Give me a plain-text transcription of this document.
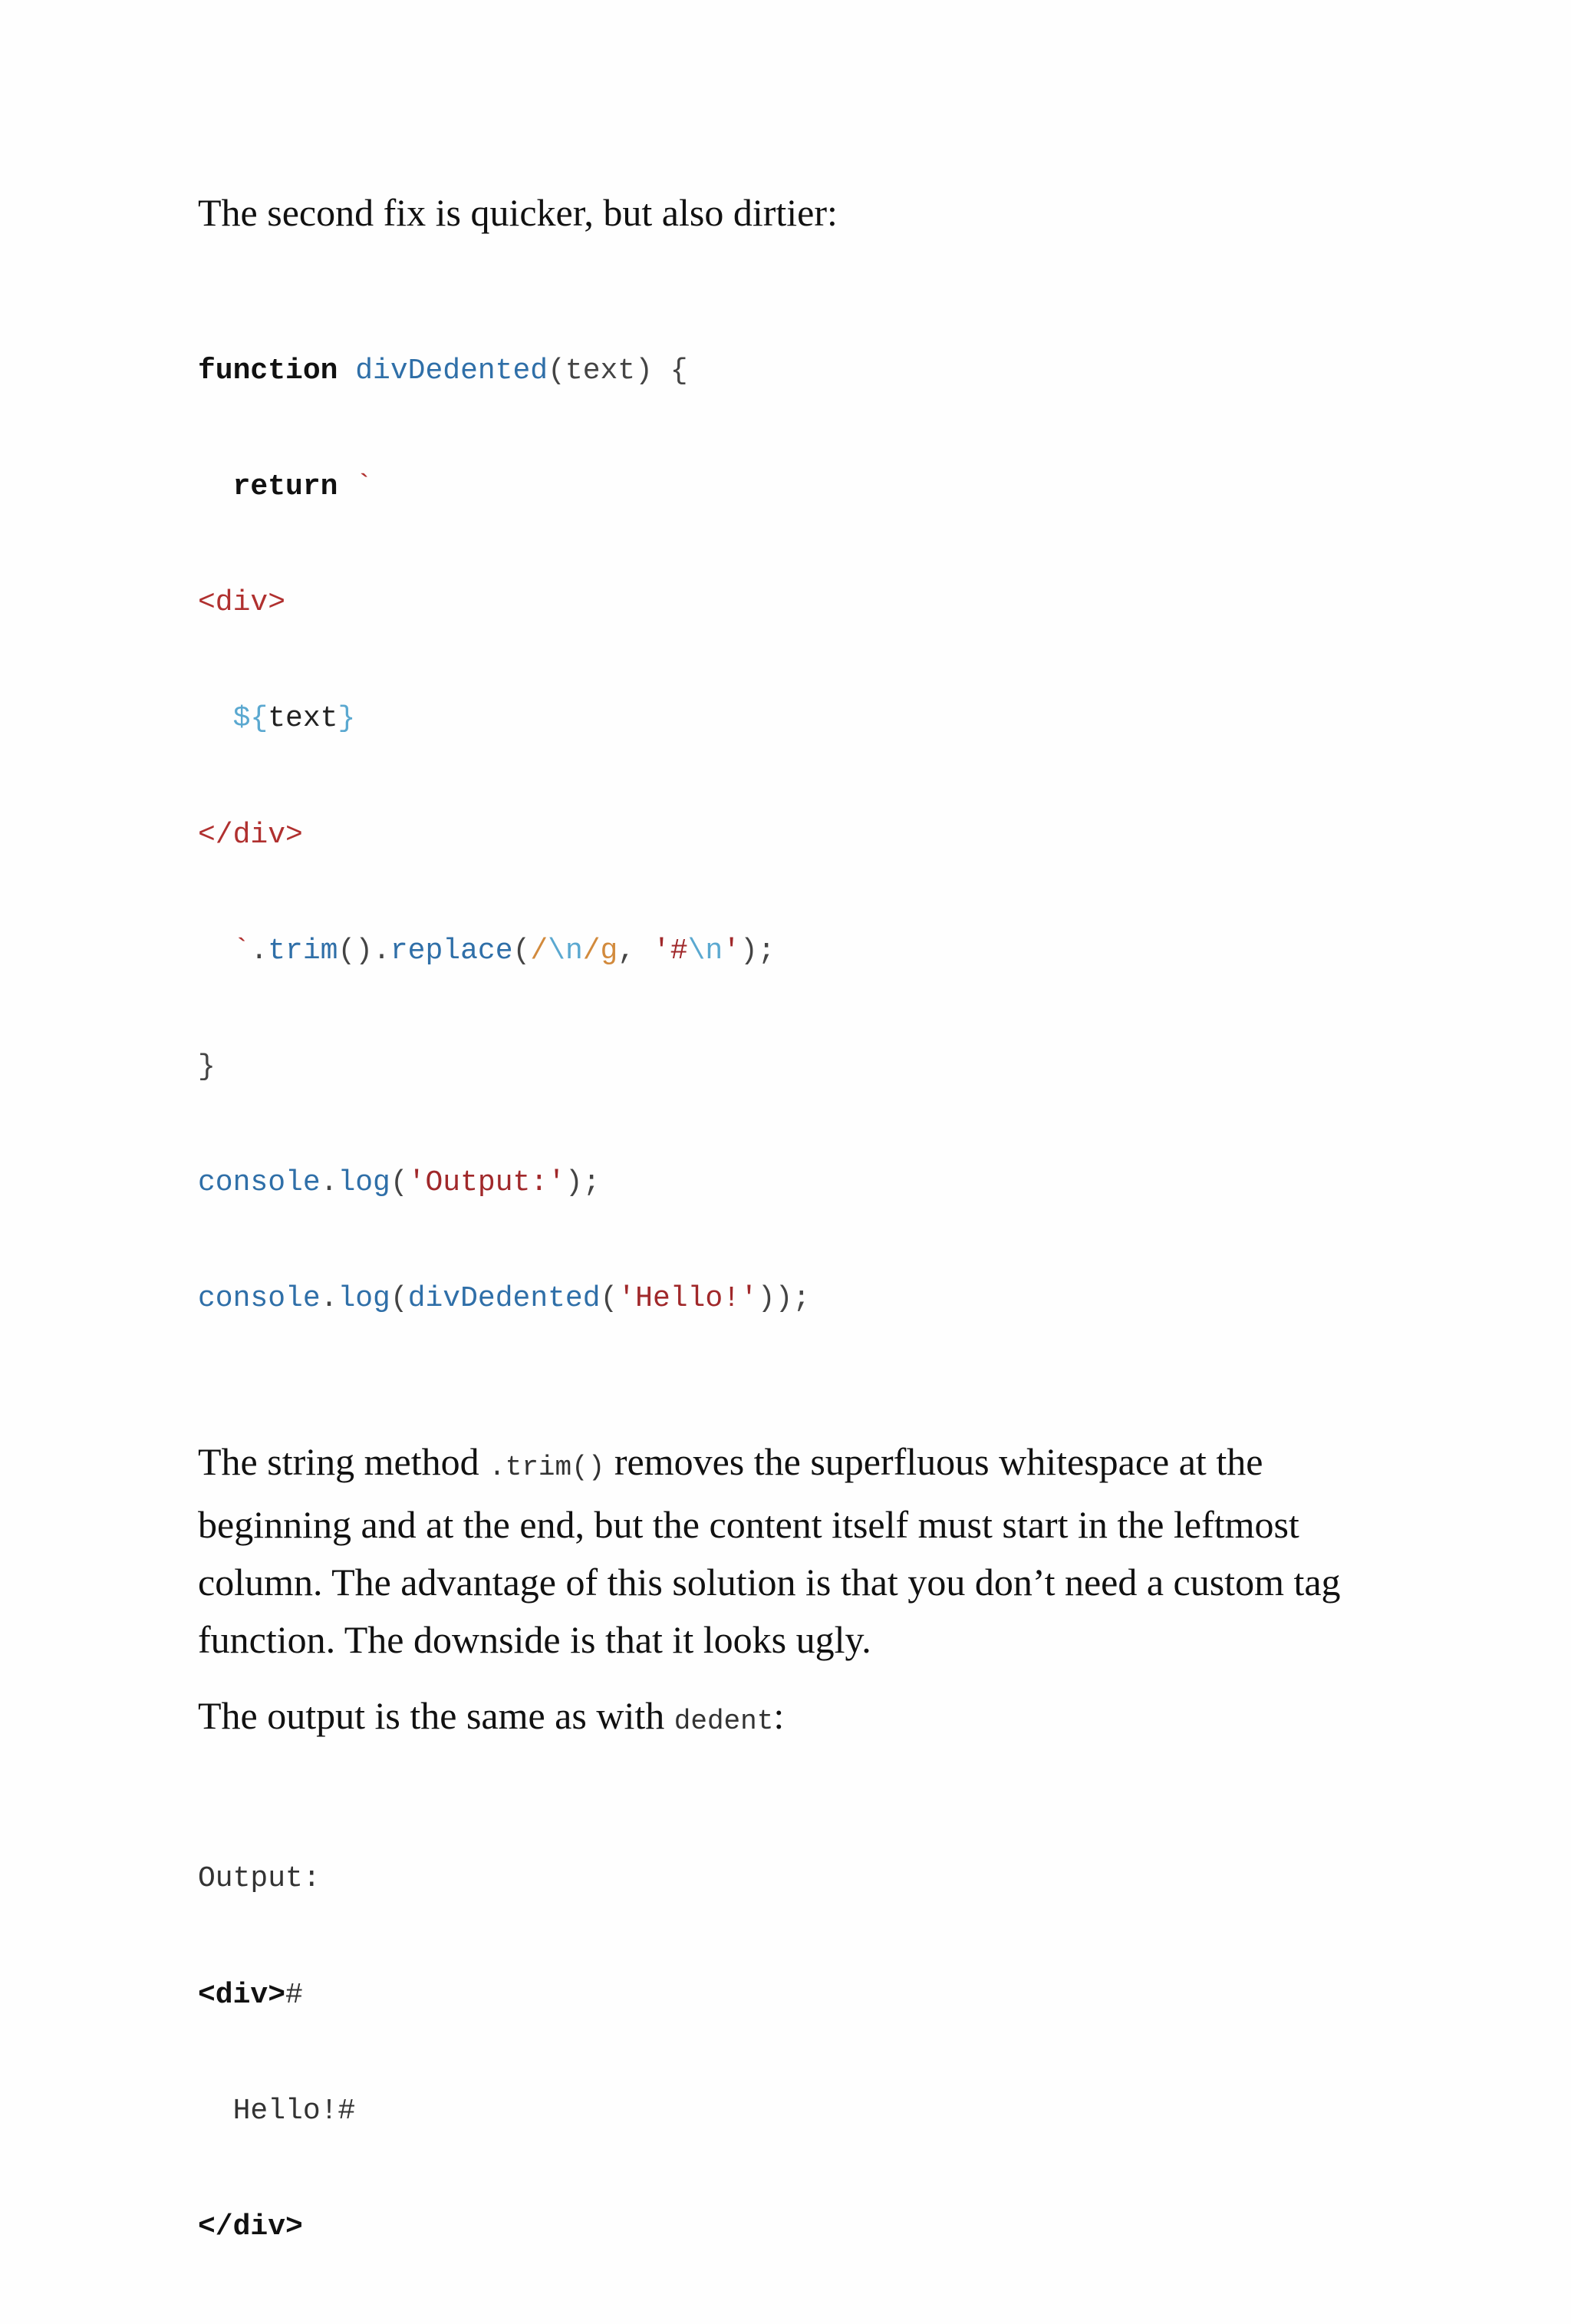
The second fix is quicker, but also dirtier:

function divDedented(text) {

return `

<div>

${text}

</div>

`.trim().replace(/\n/g, '#\n');

}

console.log('Output:');

console.log(divDedented('Hello!'));

The string method .trim() removes the superfluous whitespace at the beginning and at the end, but the content itself must start in the leftmost column. The advantage of this solution is that you don’t need a custom tag function. The downside is that it looks ugly.

The output is the same as with dedent:

Output:

<div>#

Hello!#

</div>
